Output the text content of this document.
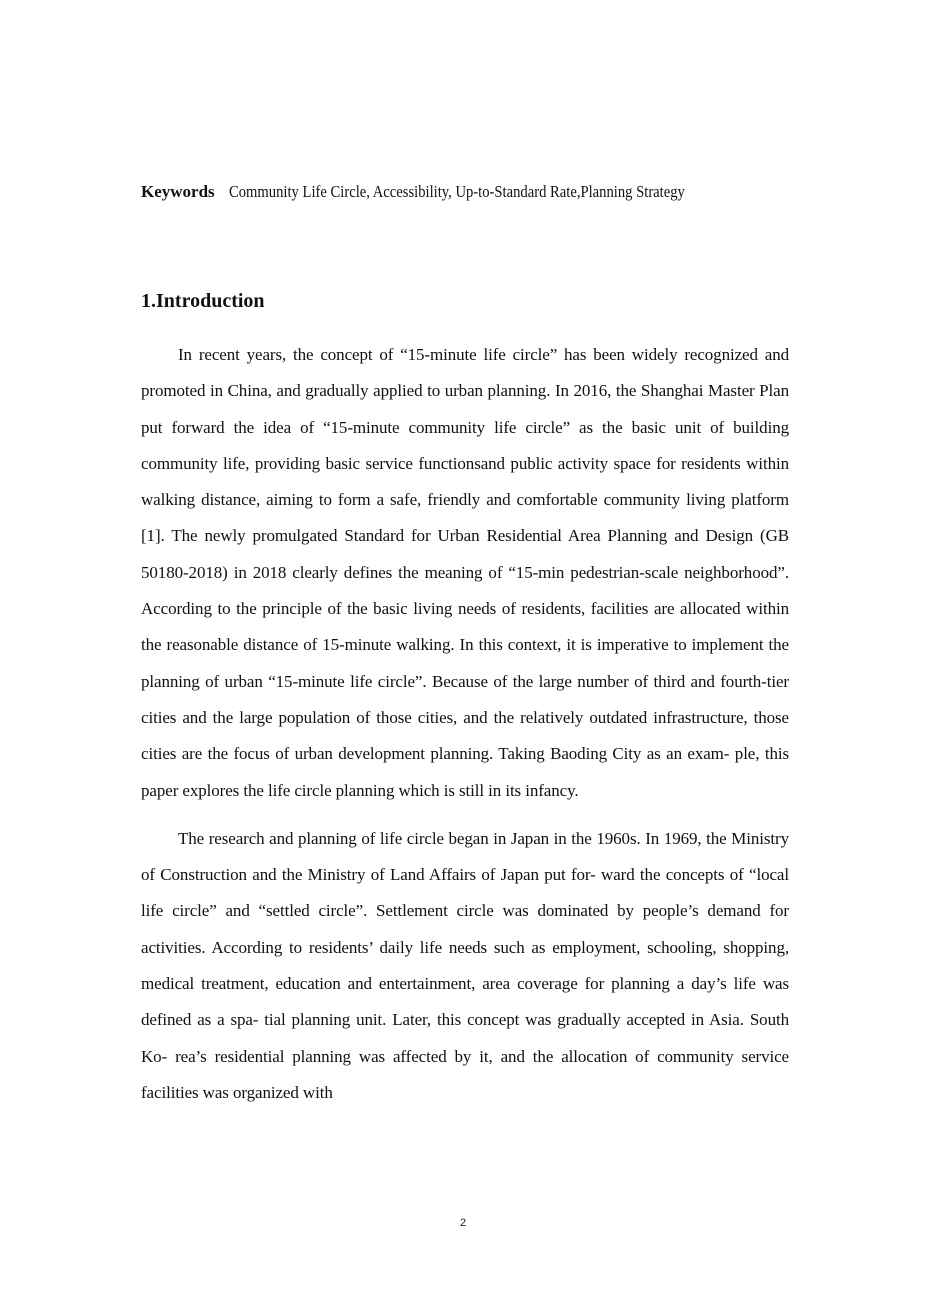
Keywords Community Life Circle, Accessibility, Up-to-Standard Rate,Planning Strategy
1.Introduction

In recent years, the concept of “15-minute life circle” has been widely recognized and promoted in China, and gradually applied to urban planning. In 2016, the Shanghai Master Plan put forward the idea of “15-minute community life circle” as the basic unit of building community life, providing basic service functionsand public activity space for residents within walking distance, aiming to form a safe, friendly and comfortable community living platform [1]. The newly promulgated Standard for Urban Residential Area Planning and Design (GB 50180-2018) in 2018 clearly defines the meaning of “15-min pedestrian-scale neighborhood”. According to the principle of the basic living needs of residents, facilities are allocated within the reasonable distance of 15-minute walking. In this context, it is imperative to implement the planning of urban “15-minute life circle”. Because of the large number of third and fourth-tier cities and the large population of those cities, and the relatively outdated infrastructure, those cities are the focus of urban development planning. Taking Baoding City as an exam- ple, this paper explores the life circle planning which is still in its infancy.

The research and planning of life circle began in Japan in the 1960s. In 1969, the Ministry of Construction and the Ministry of Land Affairs of Japan put for- ward the concepts of “local life circle” and “settled circle”. Settlement circle was dominated by people’s demand for activities. According to residents’ daily life needs such as employment, schooling, shopping, medical treatment, education and entertainment, area coverage for planning a day’s life was defined as a spa- tial planning unit. Later, this concept was gradually accepted in Asia. South Ko- rea’s residential planning was affected by it, and the allocation of community service facilities was organized with

2
